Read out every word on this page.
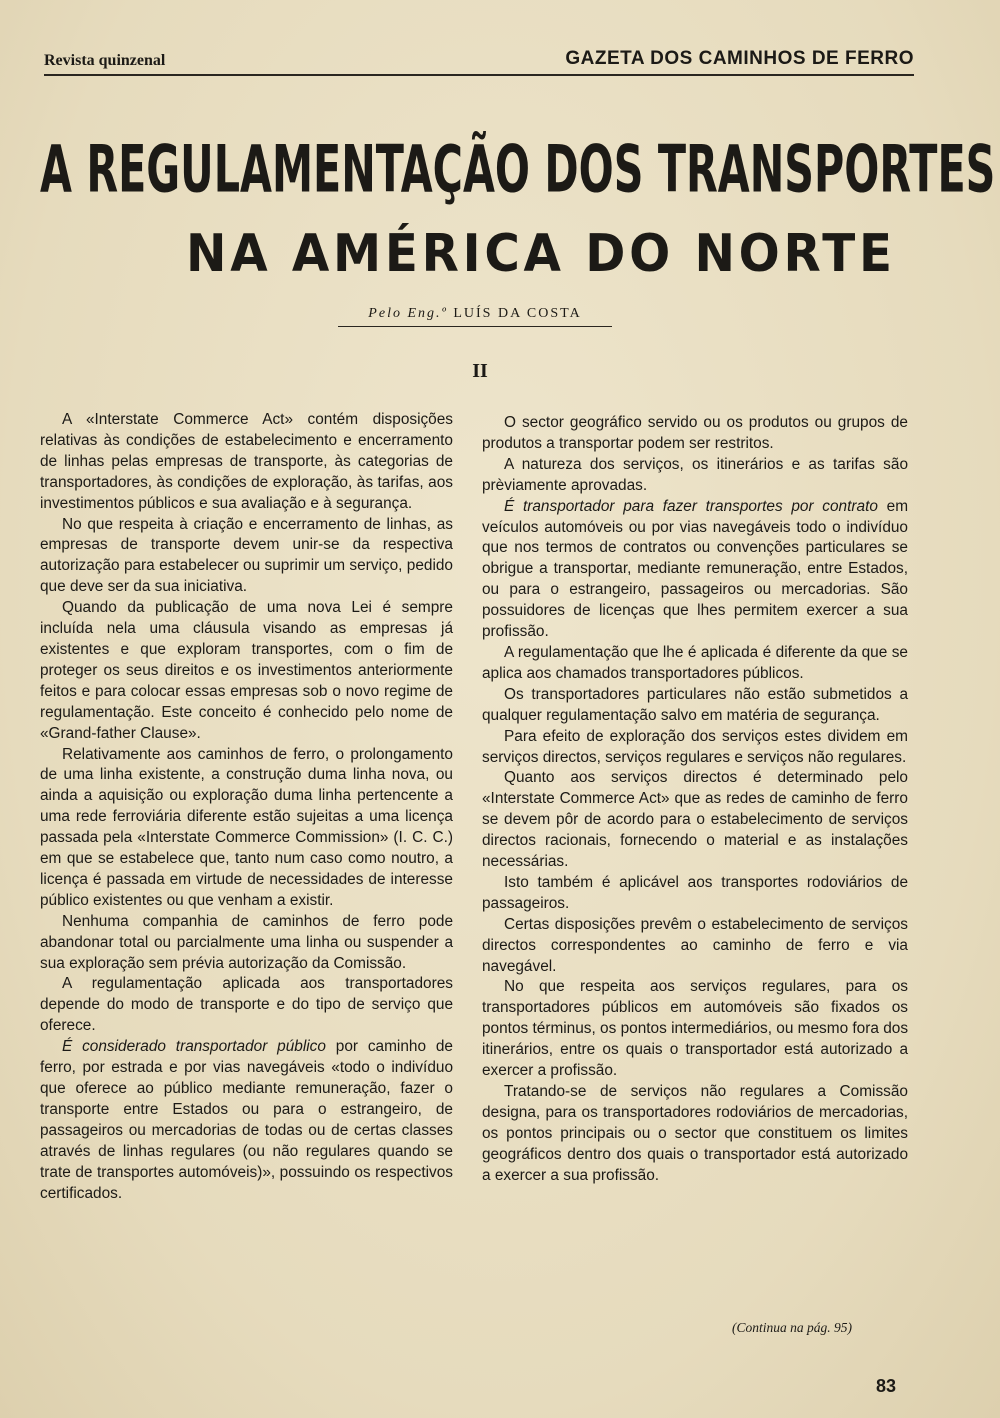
Revista quinzenal	GAZETA DOS CAMINHOS DE FERRO
A REGULAMENTAÇÃO DOS TRANSPORTES
NA AMÉRICA DO NORTE
Pelo Eng.º LUÍS DA COSTA
II

A «Interstate Commerce Act» contém disposições relativas às condições de estabelecimento e encerramento de linhas pelas empresas de transporte, às categorias de transportadores, às condições de exploração, às tarifas, aos investimentos públicos e sua avaliação e à segurança.

No que respeita à criação e encerramento de linhas, as empresas de transporte devem unir-se da respectiva autorização para estabelecer ou suprimir um serviço, pedido que deve ser da sua iniciativa.

Quando da publicação de uma nova Lei é sempre incluída nela uma cláusula visando as empresas já existentes e que exploram transportes, com o fim de proteger os seus direitos e os investimentos anteriormente feitos e para colocar essas empresas sob o novo regime de regulamentação. Este conceito é conhecido pelo nome de «Grand-father Clause».

Relativamente aos caminhos de ferro, o prolongamento de uma linha existente, a construção duma linha nova, ou ainda a aquisição ou exploração duma linha pertencente a uma rede ferroviária diferente estão sujeitas a uma licença passada pela «Interstate Commerce Commission» (I. C. C.) em que se estabelece que, tanto num caso como noutro, a licença é passada em virtude de necessidades de interesse público existentes ou que venham a existir.

Nenhuma companhia de caminhos de ferro pode abandonar total ou parcialmente uma linha ou suspender a sua exploração sem prévia autorização da Comissão.

A regulamentação aplicada aos transportadores depende do modo de transporte e do tipo de serviço que oferece.

É considerado transportador público por caminho de ferro, por estrada e por vias navegáveis «todo o indivíduo que oferece ao público mediante remuneração, fazer o transporte entre Estados ou para o estrangeiro, de passageiros ou mercadorias de todas ou de certas classes através de linhas regulares (ou não regulares quando se trate de transportes automóveis)», possuindo os respectivos certificados.

O sector geográfico servido ou os produtos ou grupos de produtos a transportar podem ser restritos.

A natureza dos serviços, os itinerários e as tarifas são prèviamente aprovadas.

É transportador para fazer transportes por contrato em veículos automóveis ou por vias navegáveis todo o indivíduo que nos termos de contratos ou convenções particulares se obrigue a transportar, mediante remuneração, entre Estados, ou para o estrangeiro, passageiros ou mercadorias. São possuidores de licenças que lhes permitem exercer a sua profissão.

A regulamentação que lhe é aplicada é diferente da que se aplica aos chamados transportadores públicos.

Os transportadores particulares não estão submetidos a qualquer regulamentação salvo em matéria de segurança.

Para efeito de exploração dos serviços estes dividem em serviços directos, serviços regulares e serviços não regulares.

Quanto aos serviços directos é determinado pelo «Interstate Commerce Act» que as redes de caminho de ferro se devem pôr de acordo para o estabelecimento de serviços directos racionais, fornecendo o material e as instalações necessárias.

Isto também é aplicável aos transportes rodoviários de passageiros.

Certas disposições prevêm o estabelecimento de serviços directos correspondentes ao caminho de ferro e via navegável.

No que respeita aos serviços regulares, para os transportadores públicos em automóveis são fixados os pontos términus, os pontos intermediários, ou mesmo fora dos itinerários, entre os quais o transportador está autorizado a exercer a profissão.

Tratando-se de serviços não regulares a Comissão designa, para os transportadores rodoviários de mercadorias, os pontos principais ou o sector que constituem os limites geográficos dentro dos quais o transportador está autorizado a exercer a sua profissão.

(Continua na pág. 95)
83
